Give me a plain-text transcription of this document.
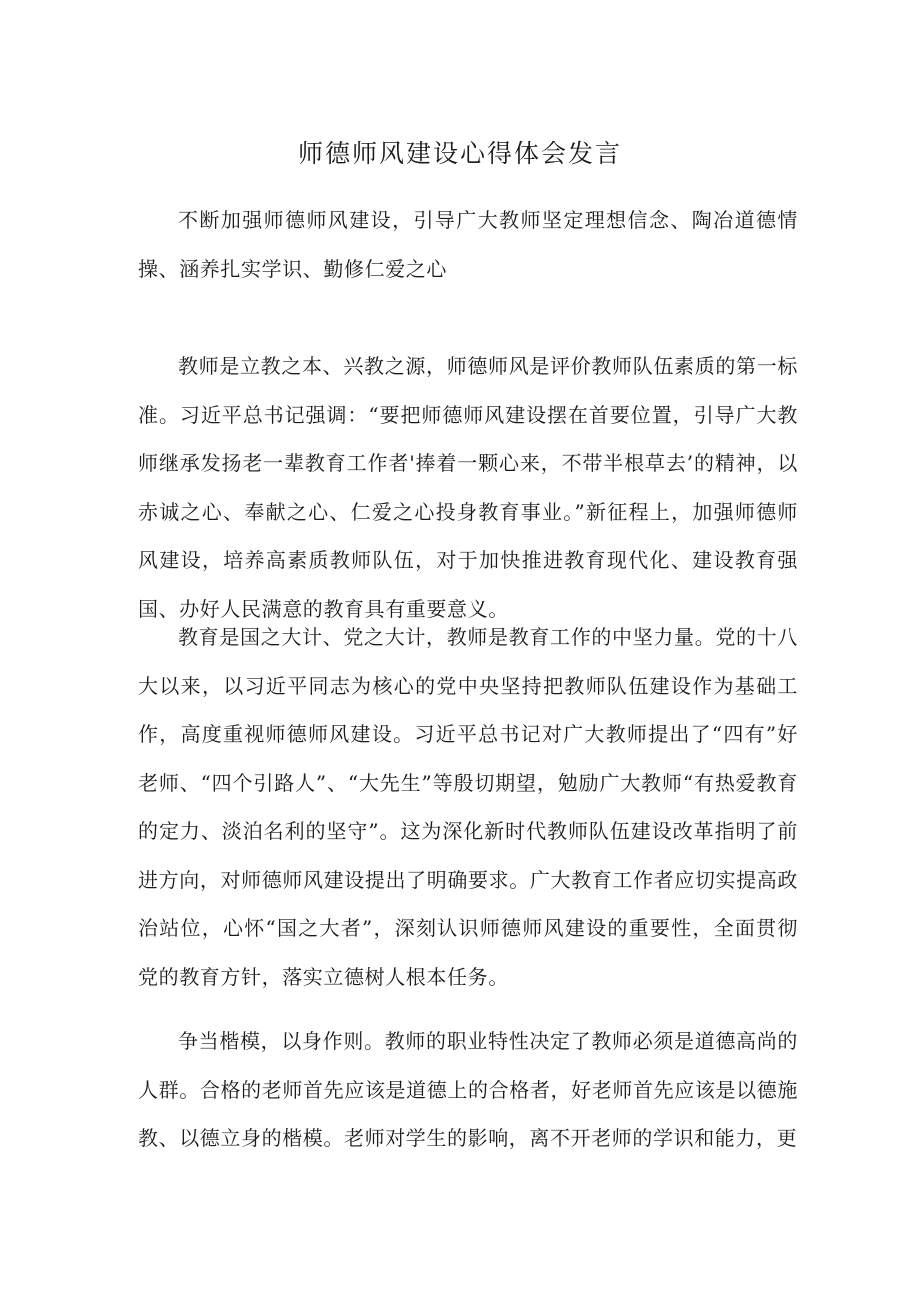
师德师风建设心得体会发言

不断加强师德师风建设，引导广大教师坚定理想信念、陶冶道德情操、涵养扎实学识、勤修仁爱之心

教师是立教之本、兴教之源，师德师风是评价教师队伍素质的第一标准。习近平总书记强调：“要把师德师风建设摆在首要位置，引导广大教师继承发扬老一辈教育工作者'捧着一颗心来，不带半根草去’的精神，以赤诚之心、奉献之心、仁爱之心投身教育事业。”新征程上，加强师德师风建设，培养高素质教师队伍，对于加快推进教育现代化、建设教育强国、办好人民满意的教育具有重要意义。

教育是国之大计、党之大计，教师是教育工作的中坚力量。党的十八大以来，以习近平同志为核心的党中央坚持把教师队伍建设作为基础工作，高度重视师德师风建设。习近平总书记对广大教师提出了“四有”好老师、“四个引路人”、“大先生”等殷切期望，勉励广大教师“有热爱教育的定力、淡泊名利的坚守”。这为深化新时代教师队伍建设改革指明了前进方向，对师德师风建设提出了明确要求。广大教育工作者应切实提高政治站位，心怀“国之大者”，深刻认识师德师风建设的重要性，全面贯彻党的教育方针，落实立德树人根本任务。

争当楷模，以身作则。教师的职业特性决定了教师必须是道德高尚的人群。合格的老师首先应该是道德上的合格者，好老师首先应该是以德施教、以德立身的楷模。老师对学生的影响，离不开老师的学识和能力，更
